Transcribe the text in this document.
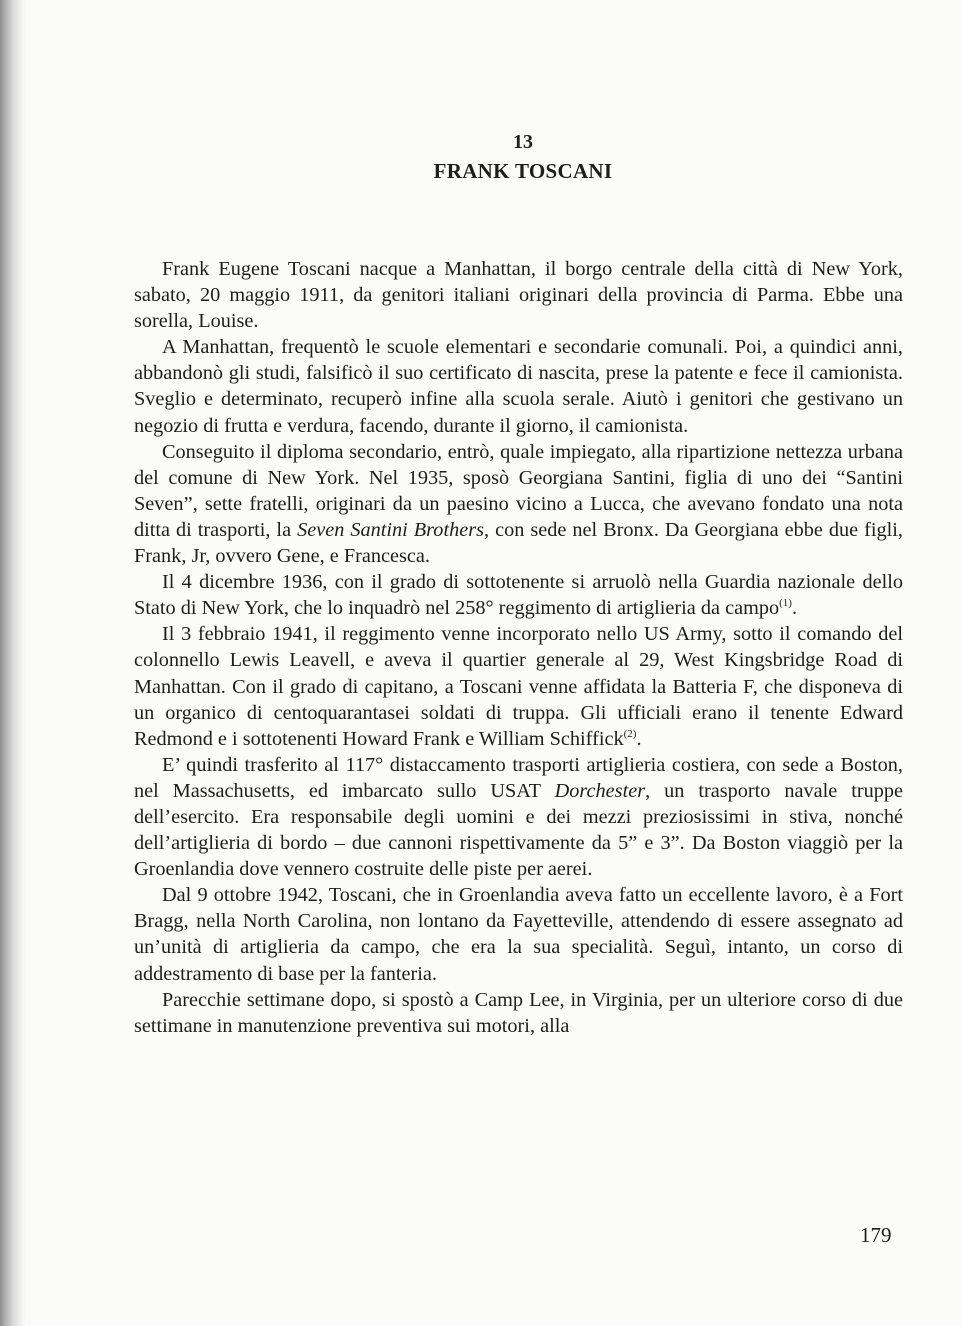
13
FRANK TOSCANI

Frank Eugene Toscani nacque a Manhattan, il borgo centrale della città di New York, sabato, 20 maggio 1911, da genitori italiani originari della provincia di Parma. Ebbe una sorella, Louise.

A Manhattan, frequentò le scuole elementari e secondarie comunali. Poi, a quindici anni, abbandonò gli studi, falsificò il suo certificato di nascita, prese la patente e fece il camionista. Sveglio e determinato, recuperò infine alla scuola serale. Aiutò i genitori che gestivano un negozio di frutta e verdura, facendo, durante il giorno, il camionista.

Conseguito il diploma secondario, entrò, quale impiegato, alla ripartizione nettezza urbana del comune di New York. Nel 1935, sposò Georgiana Santini, figlia di uno dei “Santini Seven”, sette fratelli, originari da un paesino vicino a Lucca, che avevano fondato una nota ditta di trasporti, la Seven Santini Brothers, con sede nel Bronx. Da Georgiana ebbe due figli, Frank, Jr, ovvero Gene, e Francesca.

Il 4 dicembre 1936, con il grado di sottotenente si arruolò nella Guardia nazionale dello Stato di New York, che lo inquadrò nel 258° reggimento di artiglieria da campo$^{(1)}$.

Il 3 febbraio 1941, il reggimento venne incorporato nello US Army, sotto il comando del colonnello Lewis Leavell, e aveva il quartier generale al 29, West Kingsbridge Road di Manhattan. Con il grado di capitano, a Toscani venne affidata la Batteria F, che disponeva di un organico di centoquarantasei soldati di truppa. Gli ufficiali erano il tenente Edward Redmond e i sottotenenti Howard Frank e William Schiffick$^{(2)}$.

E’ quindi trasferito al 117° distaccamento trasporti artiglieria costiera, con sede a Boston, nel Massachusetts, ed imbarcato sullo USAT Dorchester, un trasporto navale truppe dell’esercito. Era responsabile degli uomini e dei mezzi preziosissimi in stiva, nonché dell’artiglieria di bordo – due cannoni rispettivamente da 5” e 3”. Da Boston viaggiò per la Groenlandia dove vennero costruite delle piste per aerei.

Dal 9 ottobre 1942, Toscani, che in Groenlandia aveva fatto un eccellente lavoro, è a Fort Bragg, nella North Carolina, non lontano da Fayetteville, attendendo di essere assegnato ad un’unità di artiglieria da campo, che era la sua specialità. Seguì, intanto, un corso di addestramento di base per la fanteria.

Parecchie settimane dopo, si spostò a Camp Lee, in Virginia, per un ulteriore corso di due settimane in manutenzione preventiva sui motori, alla

179
